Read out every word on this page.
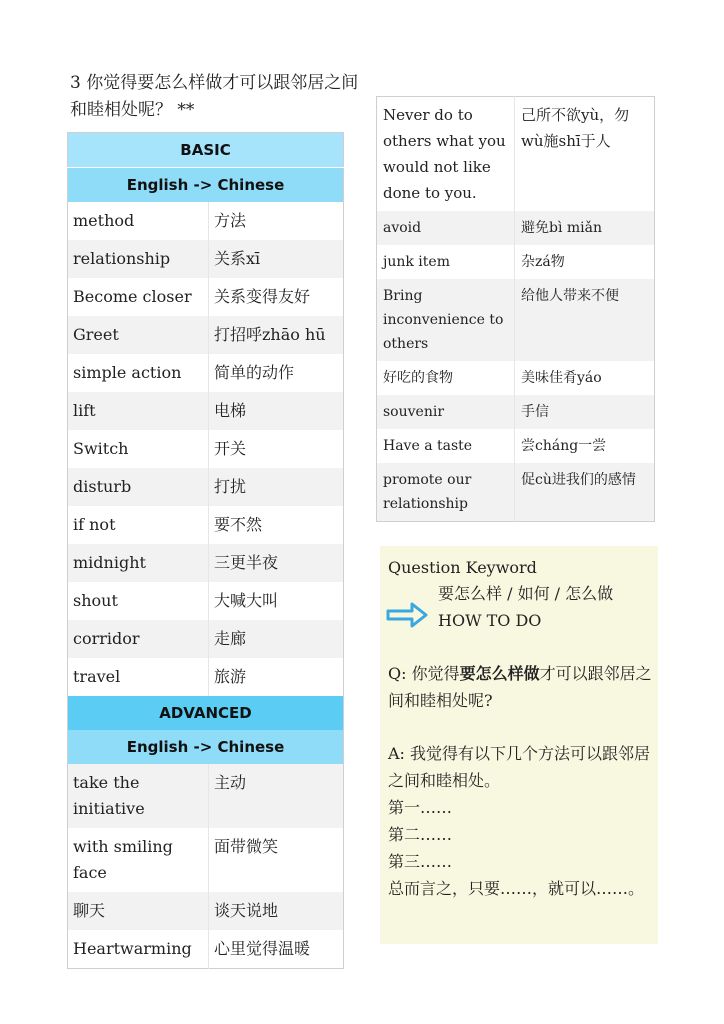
3 你觉得要怎么样做才可以跟邻居之间和睦相处呢？ **
BASIC	
English -> Chinese	
method	方法
relationship	关系xī
Become closer	关系变得友好
Greet	打招呼zhāo hū
simple action	简单的动作
lift	电梯
Switch	开关
disturb	打扰
if not	要不然
midnight	三更半夜
shout	大喊大叫
corridor	走廊
travel	旅游
ADVANCED	
English -> Chinese	
take the initiative	主动
with smiling face	面带微笑
聊天	谈天说地
Heartwarming	心里觉得温暖
Never do to others what you would not like done to you.	己所不欲yù，勿wù施shī于人
avoid	避免bì miǎn
junk item	杂zá物
Bring inconvenience to others	给他人带来不便
好吃的食物	美味佳肴yáo
souvenir	手信
Have a taste	尝cháng一尝
promote our relationship	促cù进我们的感情
Question Keyword
要怎么样 / 如何 / 怎么做
HOW TO DO
Q: 你觉得要怎么样做才可以跟邻居之间和睦相处呢?
A: 我觉得有以下几个方法可以跟邻居之间和睦相处。
第一……
第二……
第三……
总而言之，只要……，就可以……。
